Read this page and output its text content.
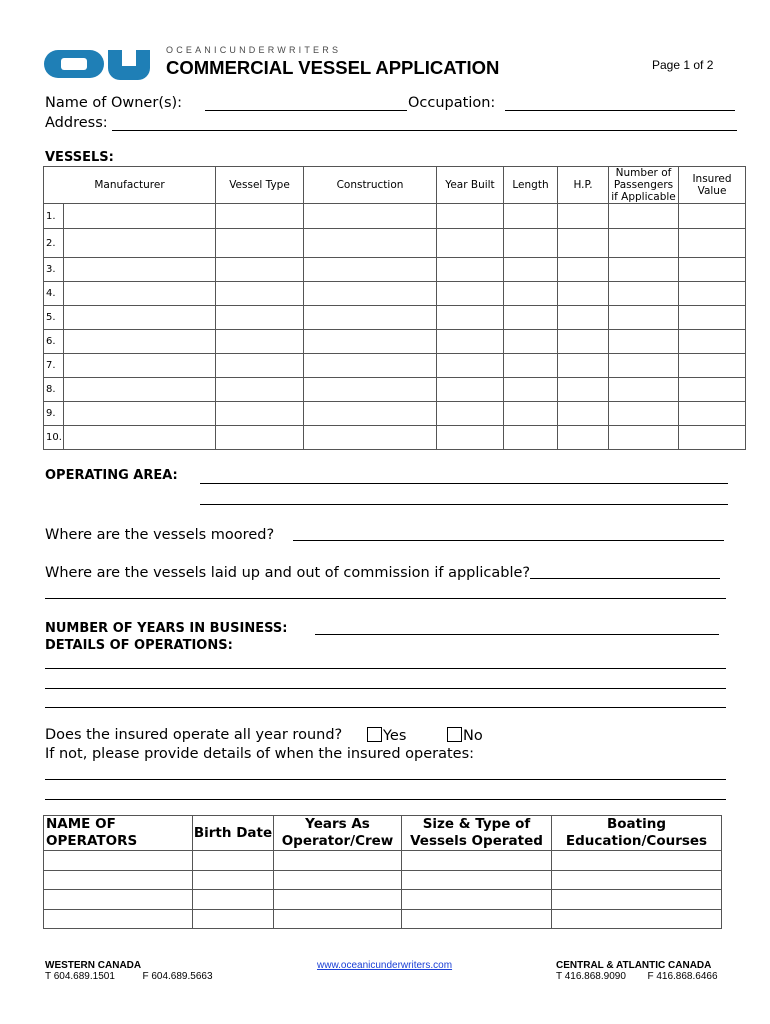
OCEANICUNDERWRITERS
COMMERCIAL VESSEL APPLICATION	Page 1 of 2
Name of Owner(s):	Occupation:
Address:
VESSELS:
Manufacturer		Vessel Type	Construction	Year Built	Length	H.P.	Number of Passengers if Applicable	Insured Value
1.								
2.								
3.								
4.								
5.								
6.								
7.								
8.								
9.								
10.								
OPERATING AREA:
Where are the vessels moored?
Where are the vessels laid up and out of commission if applicable?
NUMBER OF YEARS IN BUSINESS:
DETAILS OF OPERATIONS:
Does the insured operate all year round?	Yes	No
If not, please provide details of when the insured operates:
NAME OF OPERATORS	Birth Date	Years As Operator/Crew	Size & Type of Vessels Operated	Boating Education/Courses

WESTERN CANADA
T 604.689.1501	F 604.689.5663
www.oceanicunderwriters.com	CENTRAL & ATLANTIC CANADA
T 416.868.9090 F 416.868.6466
